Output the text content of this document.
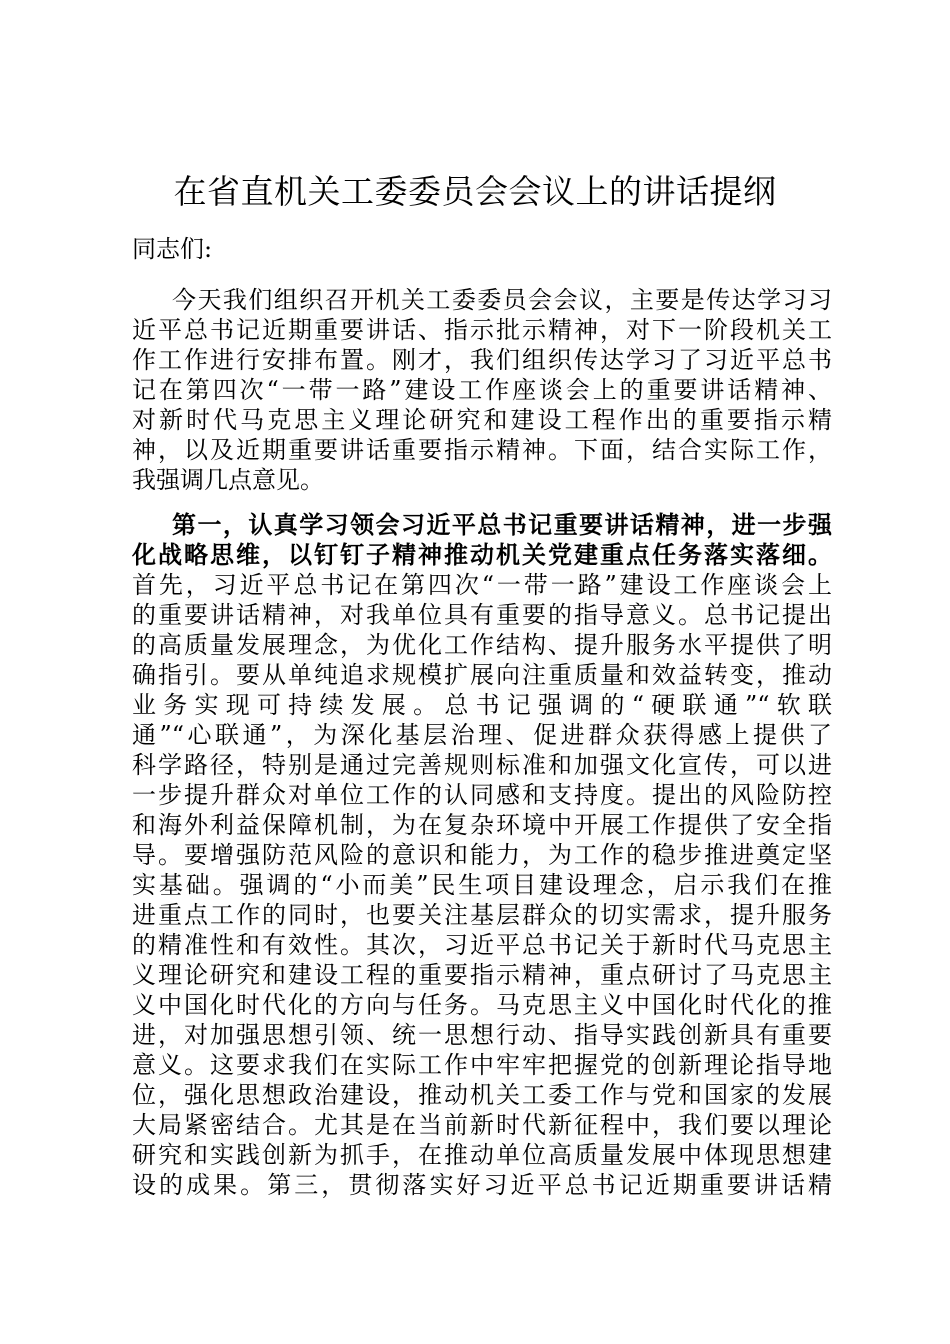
在省直机关工委委员会会议上的讲话提纲
同志们:
今天我们组织召开机关工委委员会会议，主要是传达学习习
近平总书记近期重要讲话、指示批示精神，对下一阶段机关工
作工作进行安排布置。刚才，我们组织传达学习了习近平总书
记在第四次“一带一路”建设工作座谈会上的重要讲话精神、
对新时代马克思主义理论研究和建设工程作出的重要指示精
神，以及近期重要讲话重要指示精神。下面，结合实际工作，
我强调几点意见。
第一，认真学习领会习近平总书记重要讲话精神，进一步强
化战略思维，以钉钉子精神推动机关党建重点任务落实落细。
首先，习近平总书记在第四次“一带一路”建设工作座谈会上
的重要讲话精神，对我单位具有重要的指导意义。总书记提出
的高质量发展理念，为优化工作结构、提升服务水平提供了明
确指引。要从单纯追求规模扩展向注重质量和效益转变，推动
业务实现可持续发展。总书记强调的“硬联通”“软联
通”“心联通”，为深化基层治理、促进群众获得感上提供了
科学路径，特别是通过完善规则标准和加强文化宣传，可以进
一步提升群众对单位工作的认同感和支持度。提出的风险防控
和海外利益保障机制，为在复杂环境中开展工作提供了安全指
导。要增强防范风险的意识和能力，为工作的稳步推进奠定坚
实基础。强调的“小而美”民生项目建设理念，启示我们在推
进重点工作的同时，也要关注基层群众的切实需求，提升服务
的精准性和有效性。其次，习近平总书记关于新时代马克思主
义理论研究和建设工程的重要指示精神，重点研讨了马克思主
义中国化时代化的方向与任务。马克思主义中国化时代化的推
进，对加强思想引领、统一思想行动、指导实践创新具有重要
意义。这要求我们在实际工作中牢牢把握党的创新理论指导地
位，强化思想政治建设，推动机关工委工作与党和国家的发展
大局紧密结合。尤其是在当前新时代新征程中，我们要以理论
研究和实践创新为抓手，在推动单位高质量发展中体现思想建
设的成果。第三，贯彻落实好习近平总书记近期重要讲话精
